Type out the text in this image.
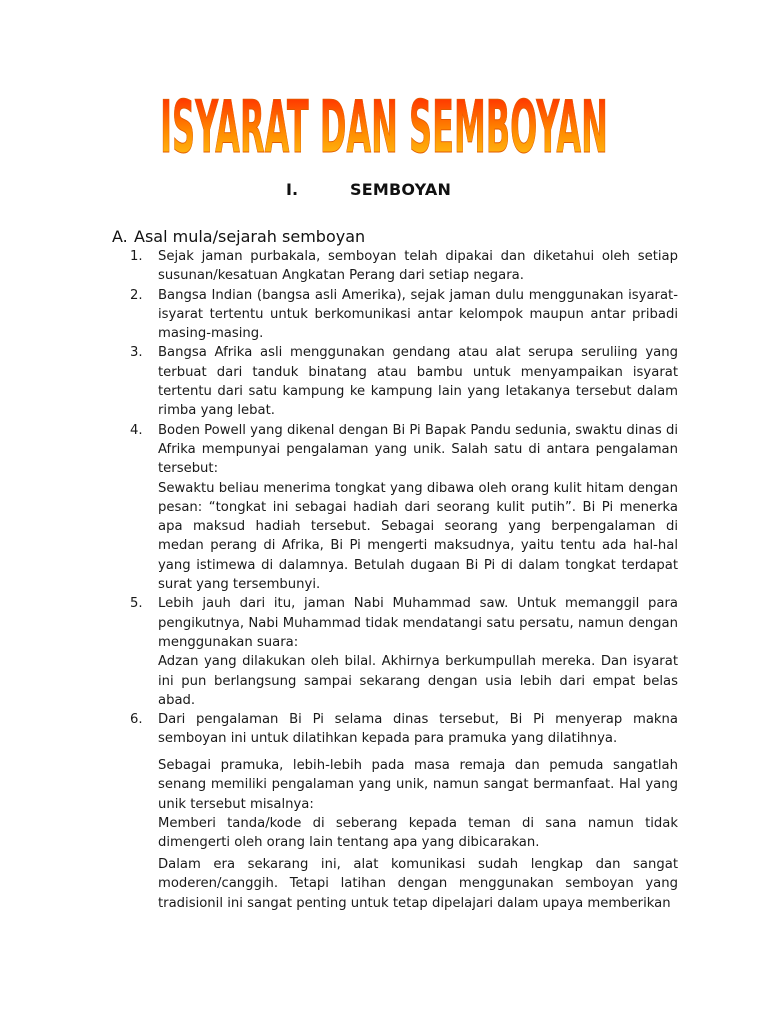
ISYARAT DAN SEMBOYAN
I.	SEMBOYAN
A. Asal mula/sejarah semboyan
1. Sejak jaman purbakala, semboyan telah dipakai dan diketahui oleh setiap susunan/kesatuan Angkatan Perang dari setiap negara.

2. Bangsa Indian (bangsa asli Amerika), sejak jaman dulu menggunakan isyarat-isyarat tertentu untuk berkomunikasi antar kelompok maupun antar pribadi masing-masing.

3. Bangsa Afrika asli menggunakan gendang atau alat serupa seruliing yang terbuat dari tanduk binatang atau bambu untuk menyampaikan isyarat tertentu dari satu kampung ke kampung lain yang letakanya tersebut dalam rimba yang lebat.

4. Boden Powell yang dikenal dengan Bi Pi Bapak Pandu sedunia, swaktu dinas di Afrika mempunyai pengalaman yang unik. Salah satu di antara pengalaman tersebut:

Sewaktu beliau menerima tongkat yang dibawa oleh orang kulit hitam dengan pesan: “tongkat ini sebagai hadiah dari seorang kulit putih”. Bi Pi menerka apa maksud hadiah tersebut. Sebagai seorang yang berpengalaman di medan perang di Afrika, Bi Pi mengerti maksudnya, yaitu tentu ada hal-hal yang istimewa di dalamnya. Betulah dugaan Bi Pi di dalam tongkat terdapat surat yang tersembunyi.

5. Lebih jauh dari itu, jaman Nabi Muhammad saw. Untuk memanggil para pengikutnya, Nabi Muhammad tidak mendatangi satu persatu, namun dengan menggunakan suara:

Adzan yang dilakukan oleh bilal. Akhirnya berkumpullah mereka. Dan isyarat ini pun berlangsung sampai sekarang dengan usia lebih dari empat belas abad.

6. Dari pengalaman Bi Pi selama dinas tersebut, Bi Pi menyerap makna semboyan ini untuk dilatihkan kepada para pramuka yang dilatihnya.

Sebagai pramuka, lebih-lebih pada masa remaja dan pemuda sangatlah senang memiliki pengalaman yang unik, namun sangat bermanfaat. Hal yang unik tersebut misalnya:

Memberi tanda/kode di seberang kepada teman di sana namun tidak dimengerti oleh orang lain tentang apa yang dibicarakan.

Dalam era sekarang ini, alat komunikasi sudah lengkap dan sangat moderen/canggih. Tetapi latihan dengan menggunakan semboyan yang tradisionil ini sangat penting untuk tetap dipelajari dalam upaya memberikan
